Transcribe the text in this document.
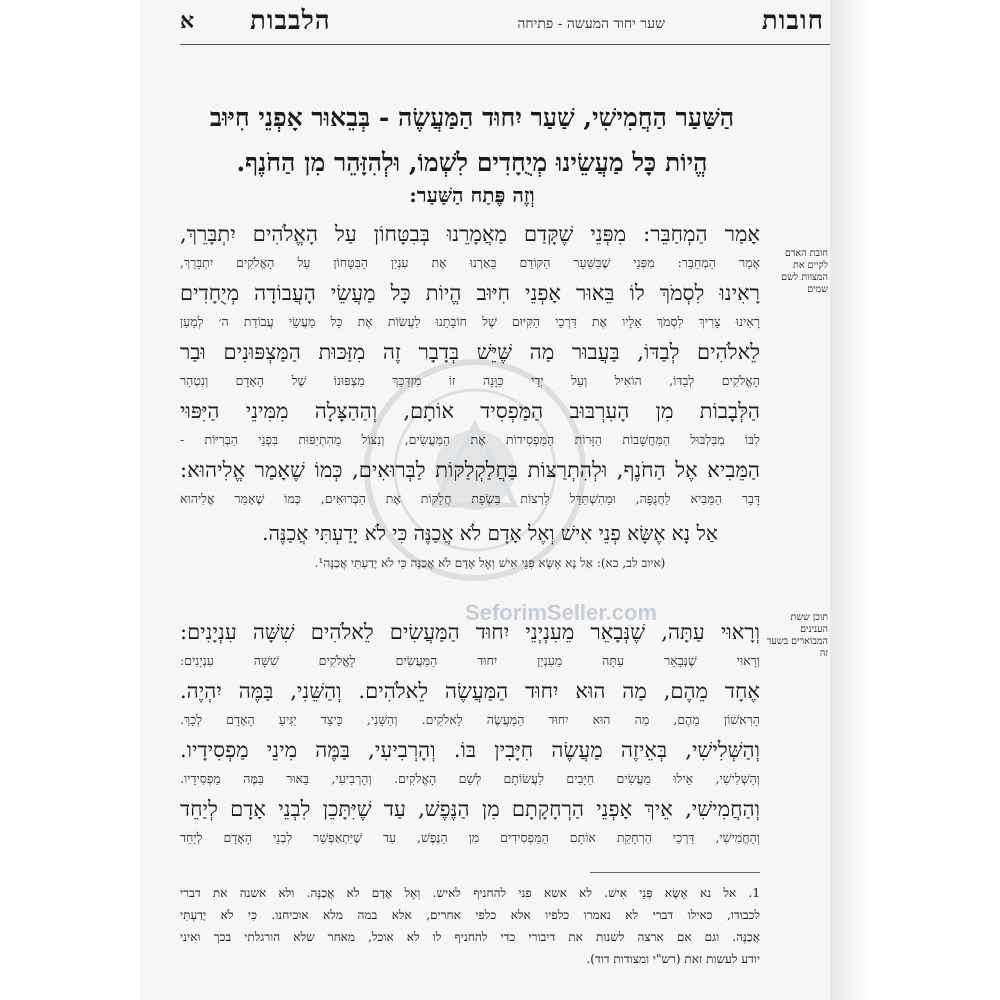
חובות
שער יחוד המעשה - פתיחה
הלבבות
א
SeforimSeller.com
הַשַּׁעַר הַחֲמִישִׁי, שַׁעַר יִחוּד הַמַּעֲשֶׂה - בְּבֵאוּר אָפְנֵי חִיּוּב
הֱיוֹת כָּל מַעֲשֵׂינוּ מְיֻחָדִים לִשְׁמוֹ, וּלְהִזָּהֵר מִן הַחֹנֶף.
וְזֶה פֶּתַח הַשַּׁעַר:
חובת האדם לקיים את המצוות לשם שמים
תוכן ששת הענינים המבוארים בשער זה
אָמַר הַמְחַבֵּר: מִפְּנֵי שֶׁקָּדַם מַאֲמָרֵנוּ בְּבִטָּחוֹן עַל הָאֱלֹהִים יִתְבָּרֵךְ,
אָמַר הַמְחַבֵּר: מִפְּנֵי שֶׁבַּשַּׁעַר הַקּוֹדֵם בֵּאַרְנוּ אֶת עִנְיַן הַבִּטָּחוֹן עַל הָאֱלֹקִים יִתְבָּרֵךְ,
רָאִינוּ לִסְמֹךְ לוֹ בֵּאוּר אָפְנֵי חִיּוּב הֱיוֹת כָּל מַעֲשֵׂי הָעֲבוֹדָה מְיֻחָדִים
רָאִינוּ צָרִיךְ לִסְמֹךְ אֵלָיו אֶת דַּרְכֵי הַקִּיּוּם שֶׁל חוֹבָתֵנוּ לַעֲשׂוֹת אֶת כָּל מַעֲשֵׂי עֲבוֹדַת ה׳ לְמַעַן
לֵאלֹהִים לְבַדּוֹ, בַּעֲבוּר מַה שֶּׁיֵּשׁ בְּדָבָר זֶה מִזַּכּוּת הַמַּצְפּוּנִים וּבַר
הָאֱלֹקִים לְבַדּוֹ, הוֹאִיל וְעַל יְדֵי כַּוָּנָה זוֹ מִזְדַּכֵּךְ מַצְפּוּנוֹ שֶׁל הָאָדָם וְנִטְהָר
הַלְּבָבוֹת מִן הָעִרְבּוּב הַמַּפְסִיד אוֹתָם, וְהַהַצָּלָה מִמִּינֵי הַיִּפּוּי
לִבּוֹ מִבִּלְבּוּל הַמַּחֲשָׁבוֹת הַזָּרוֹת הַמַּפְסִידוֹת אֶת הַמַּעֲשִׂים, וְנִצּוֹל מֵהִתְיַפּוּת בִּפְנֵי הַבְּרִיּוֹת -
הַמֵּבִיא אֶל הַחֹנֶף, וּלְהִתְרַצּוֹת בַּחֲלַקְלַקּוֹת לַבְּרוּאִים, כְּמוֹ שֶׁאָמַר אֱלִיהוּא:
דָּבָר הַמֵּבִיא לַחֲנֻפָּה, וּמֵהִשְׁתַּדֵּל לִרְצוֹת בִּשְׂפַת חֲלַקּוֹת אֶת הַבְּרוּאִים, כְּמוֹ שֶׁאָמַר אֱלִיהוּא
אַל נָא אֶשָּׂא פְנֵי אִישׁ וְאֶל אָדָם לֹא אֲכַנֶּה כִּי לֹא יָדַעְתִּי אֲכַנֶּה.
(איוב לב, כא): אַל נָא אֶשָּׂא פְּנֵי אִישׁ וְאֶל אָדָם לֹא אֲכַנֶּה כִּי לֹא יָדַעְתִּי אֲכַנֶּה¹.
וְרָאוּי עַתָּה, שֶׁנְּבָאֵר מֵעִנְיְנֵי יִחוּד הַמַּעֲשִׂים לֵאלֹהִים שִׁשָּׁה עִנְיָנִים:
וְרָאוּי שֶׁנְּבָאֵר עַתָּה מֵעִנְיַן יִחוּד הַמַּעֲשִׂים לָאֱלֹקִים שִׁשָּׁה עִנְיָנִים:
אֶחָד מֵהֶם, מַה הוּא יִחוּד הַמַּעֲשֶׂה לֵאלֹהִים. וְהַשֵּׁנִי, בַּמֶּה יִהְיֶה.
הָרִאשׁוֹן מֵהֶם, מַה הוּא יִחוּד הַמַּעֲשֶׂה לֵאלֹקִים. וְהַשֵּׁנִי, כֵּיצַד יַגִּיעַ הָאָדָם לְכָךְ.
וְהַשְּׁלִישִׁי, בְּאֵיזֶה מַעֲשֶׂה חִיָּבִין בּוֹ. וְהָרְבִיעִי, בַּמֶּה מִינֵי מַפְסִידָיו.
וְהַשְּׁלִישִׁי, אֵילוּ מַעֲשִׂים חַיָּבִים לַעֲשׂוֹתָם לְשֵׁם הָאֱלֹקִים. וְהָרְבִיעִי, בֵּאוּר בַּמֶּה מַפְסִידָיו.
וְהַחֲמִישִׁי, אֵיךְ אָפְנֵי הַרְחָקָתָם מִן הַנֶּפֶשׁ, עַד שֶׁיִּתָּכֵן לִבְנֵי אָדָם לְיַחֵד
וְהַחֲמִישִׁי, דַּרְכֵי הַרְחָקַת אוֹתָם הַמַּפְסִידִים מִן הַנֶּפֶשׁ, עַד שֶׁיִּתְאַפְשֵׁר לִבְנֵי הָאָדָם לְיַחֵד
1. אל נא אֶשָּׂא פְּנֵי אִישׁ. לא אשא פני להחניף לאיש. וְאֶל אָדָם לֹא אֲכַנֶּה. ולא אשנה את דברי
לכבודו, כאילו דברי לא נאמרו כלפיו אלא כלפי אחרים, אלא במה מלא אוכיחנו. כִּי לֹא יָדַעְתִּי
אֲכַנֶּה. וגם אם ארצה לשנות את דיבורי כדי להחניף לו לא אוכל, מאחר שלא הורגלתי בכך ואיני
יודע לעשות זאת (רש"י ומצודות דוד).
